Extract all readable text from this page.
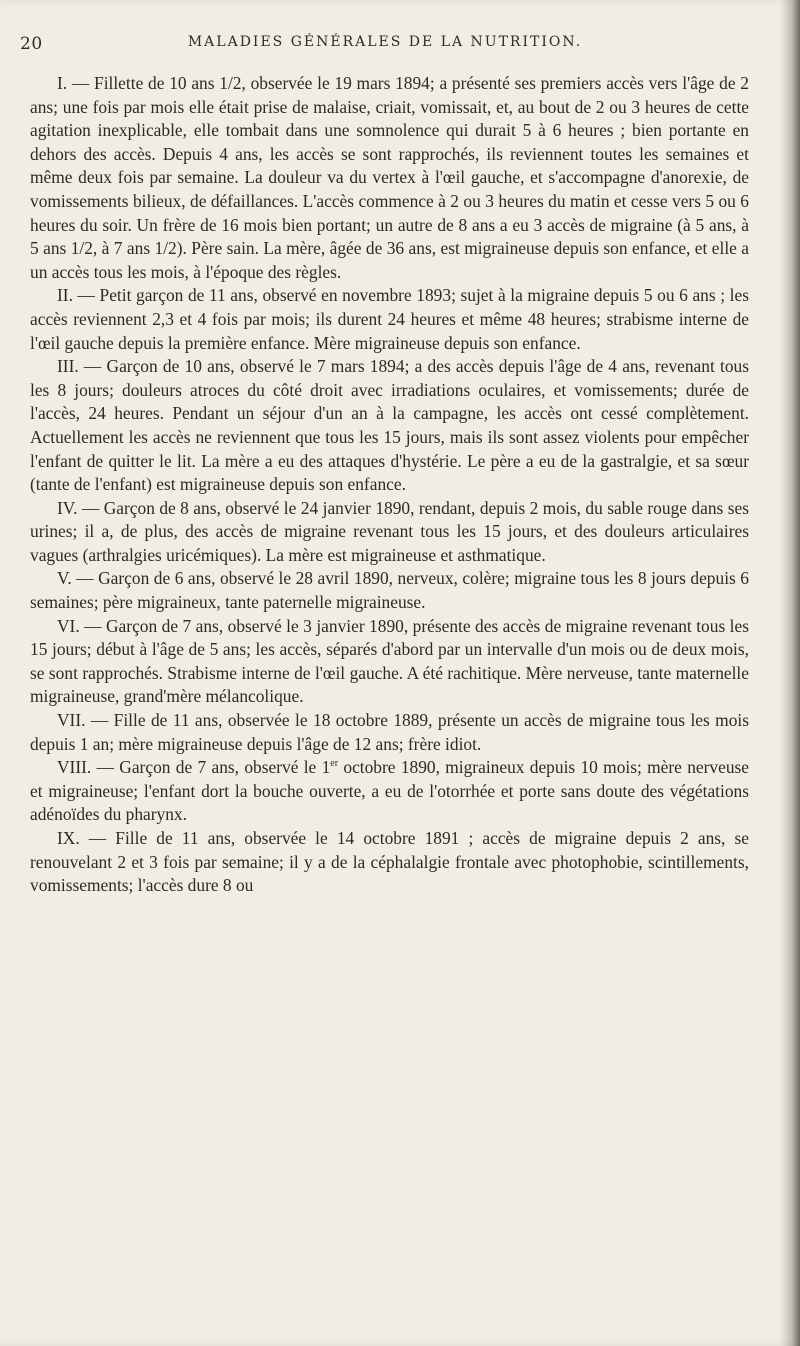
20	MALADIES GÉNÉRALES DE LA NUTRITION.

I. — Fillette de 10 ans 1/2, observée le 19 mars 1894; a présenté ses premiers accès vers l'âge de 2 ans; une fois par mois elle était prise de malaise, criait, vomissait, et, au bout de 2 ou 3 heures de cette agitation inexplicable, elle tombait dans une somnolence qui durait 5 à 6 heures ; bien portante en dehors des accès. Depuis 4 ans, les accès se sont rapprochés, ils reviennent toutes les semaines et même deux fois par semaine. La douleur va du vertex à l'œil gauche, et s'accompagne d'anorexie, de vomissements bilieux, de défaillances. L'accès commence à 2 ou 3 heures du matin et cesse vers 5 ou 6 heures du soir. Un frère de 16 mois bien portant; un autre de 8 ans a eu 3 accès de migraine (à 5 ans, à 5 ans 1/2, à 7 ans 1/2). Père sain. La mère, âgée de 36 ans, est migraineuse depuis son enfance, et elle a un accès tous les mois, à l'époque des règles.

II. — Petit garçon de 11 ans, observé en novembre 1893; sujet à la migraine depuis 5 ou 6 ans ; les accès reviennent 2,3 et 4 fois par mois; ils durent 24 heures et même 48 heures; strabisme interne de l'œil gauche depuis la première enfance. Mère migraineuse depuis son enfance.

III. — Garçon de 10 ans, observé le 7 mars 1894; a des accès depuis l'âge de 4 ans, revenant tous les 8 jours; douleurs atroces du côté droit avec irradiations oculaires, et vomissements; durée de l'accès, 24 heures. Pendant un séjour d'un an à la campagne, les accès ont cessé complètement. Actuellement les accès ne reviennent que tous les 15 jours, mais ils sont assez violents pour empêcher l'enfant de quitter le lit. La mère a eu des attaques d'hystérie. Le père a eu de la gastralgie, et sa sœur (tante de l'enfant) est migraineuse depuis son enfance.

IV. — Garçon de 8 ans, observé le 24 janvier 1890, rendant, depuis 2 mois, du sable rouge dans ses urines; il a, de plus, des accès de migraine revenant tous les 15 jours, et des douleurs articulaires vagues (arthralgies uricémiques). La mère est migraineuse et asthmatique.

V. — Garçon de 6 ans, observé le 28 avril 1890, nerveux, colère; migraine tous les 8 jours depuis 6 semaines; père migraineux, tante paternelle migraineuse.

VI. — Garçon de 7 ans, observé le 3 janvier 1890, présente des accès de migraine revenant tous les 15 jours; début à l'âge de 5 ans; les accès, séparés d'abord par un intervalle d'un mois ou de deux mois, se sont rapprochés. Strabisme interne de l'œil gauche. A été rachitique. Mère nerveuse, tante maternelle migraineuse, grand'mère mélancolique.

VII. — Fille de 11 ans, observée le 18 octobre 1889, présente un accès de migraine tous les mois depuis 1 an; mère migraineuse depuis l'âge de 12 ans; frère idiot.

VIII. — Garçon de 7 ans, observé le 1er octobre 1890, migraineux depuis 10 mois; mère nerveuse et migraineuse; l'enfant dort la bouche ouverte, a eu de l'otorrhée et porte sans doute des végétations adénoïdes du pharynx.

IX. — Fille de 11 ans, observée le 14 octobre 1891 ; accès de migraine depuis 2 ans, se renouvelant 2 et 3 fois par semaine; il y a de la céphalalgie frontale avec photophobie, scintillements, vomissements; l'accès dure 8 ou
